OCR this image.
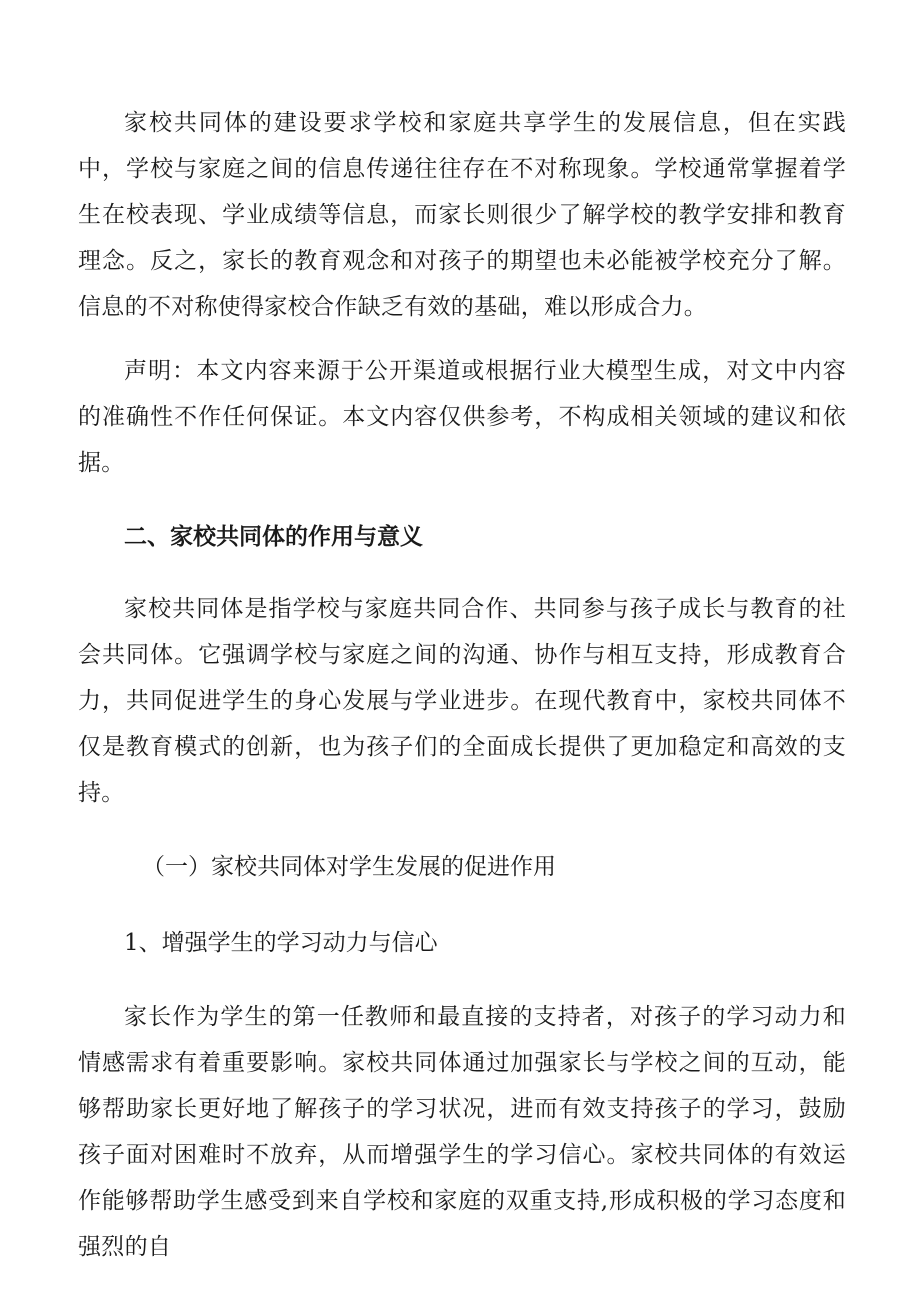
家校共同体的建设要求学校和家庭共享学生的发展信息，但在实践中，学校与家庭之间的信息传递往往存在不对称现象。学校通常掌握着学生在校表现、学业成绩等信息，而家长则很少了解学校的教学安排和教育理念。反之，家长的教育观念和对孩子的期望也未必能被学校充分了解。信息的不对称使得家校合作缺乏有效的基础，难以形成合力。

声明：本文内容来源于公开渠道或根据行业大模型生成，对文中内容的准确性不作任何保证。本文内容仅供参考，不构成相关领域的建议和依据。

二、家校共同体的作用与意义

家校共同体是指学校与家庭共同合作、共同参与孩子成长与教育的社会共同体。它强调学校与家庭之间的沟通、协作与相互支持，形成教育合力，共同促进学生的身心发展与学业进步。在现代教育中，家校共同体不仅是教育模式的创新，也为孩子们的全面成长提供了更加稳定和高效的支持。

（一）家校共同体对学生发展的促进作用

1、增强学生的学习动力与信心

家长作为学生的第一任教师和最直接的支持者，对孩子的学习动力和情感需求有着重要影响。家校共同体通过加强家长与学校之间的互动，能够帮助家长更好地了解孩子的学习状况，进而有效支持孩子的学习，鼓励孩子面对困难时不放弃，从而增强学生的学习信心。家校共同体的有效运作能够帮助学生感受到来自学校和家庭的双重支持,形成积极的学习态度和强烈的自
